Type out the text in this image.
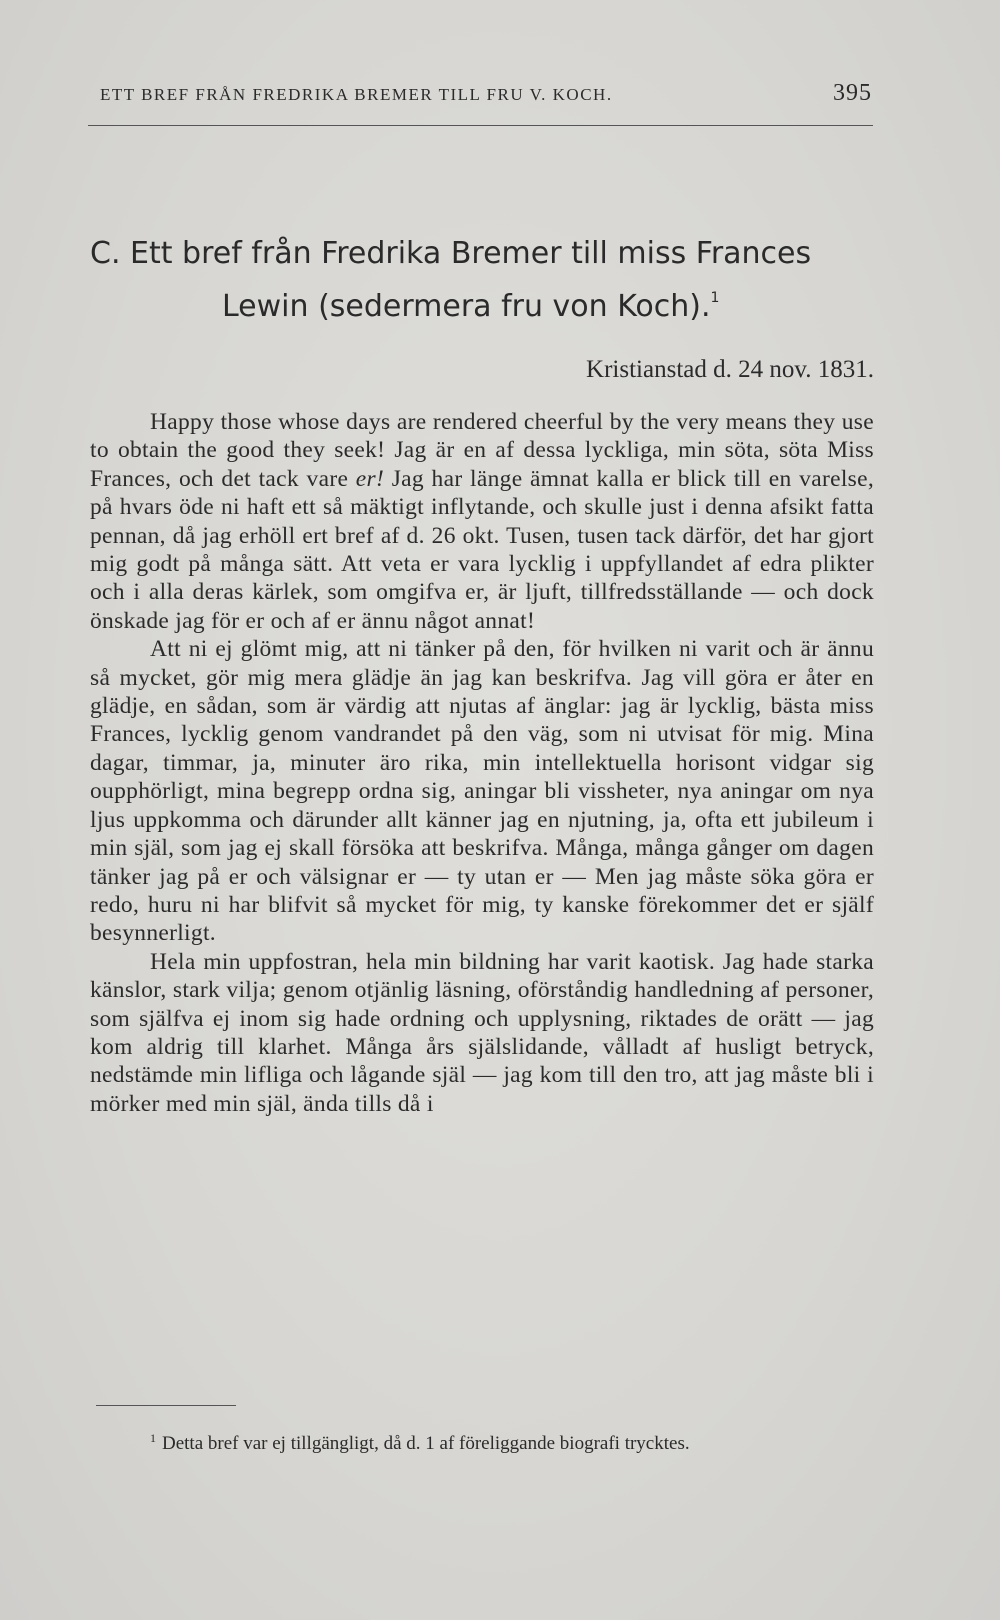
ETT BREF FRÅN FREDRIKA BREMER TILL FRU V. KOCH.	395
C. Ett bref från Fredrika Bremer till miss Frances
Lewin (sedermera fru von Koch).$^1$
Kristianstad d. 24 nov. 1831.

Happy those whose days are rendered cheerful by the very means they use to obtain the good they seek! Jag är en af dessa lyckliga, min söta, söta Miss Frances, och det tack vare er! Jag har länge ämnat kalla er blick till en varelse, på hvars öde ni haft ett så mäktigt inflytande, och skulle just i denna afsikt fatta pennan, då jag erhöll ert bref af d. 26 okt. Tusen, tusen tack därför, det har gjort mig godt på många sätt. Att veta er vara lycklig i uppfyllandet af edra plikter och i alla deras kärlek, som omgifva er, är ljuft, tillfredsställande — och dock önskade jag för er och af er ännu något annat!

Att ni ej glömt mig, att ni tänker på den, för hvilken ni varit och är ännu så mycket, gör mig mera glädje än jag kan beskrifva. Jag vill göra er åter en glädje, en sådan, som är värdig att njutas af änglar: jag är lycklig, bästa miss Frances, lycklig genom vandrandet på den väg, som ni utvisat för mig. Mina dagar, timmar, ja, minuter äro rika, min intellektuella horisont vidgar sig oupphörligt, mina begrepp ordna sig, aningar bli vissheter, nya aningar om nya ljus uppkomma och därunder allt känner jag en njutning, ja, ofta ett jubileum i min själ, som jag ej skall försöka att beskrifva. Många, många gånger om dagen tänker jag på er och välsignar er — ty utan er — Men jag måste söka göra er redo, huru ni har blifvit så mycket för mig, ty kanske förekommer det er själf besynnerligt.

Hela min uppfostran, hela min bildning har varit kaotisk. Jag hade starka känslor, stark vilja; genom otjänlig läsning, oförståndig handledning af personer, som själfva ej inom sig hade ordning och upplysning, riktades de orätt — jag kom aldrig till klarhet. Många års själslidande, vålladt af husligt betryck, nedstämde min lifliga och lågande själ — jag kom till den tro, att jag måste bli i mörker med min själ, ända tills då i

$^1$ Detta bref var ej tillgängligt, då d. 1 af föreliggande biografi trycktes.
